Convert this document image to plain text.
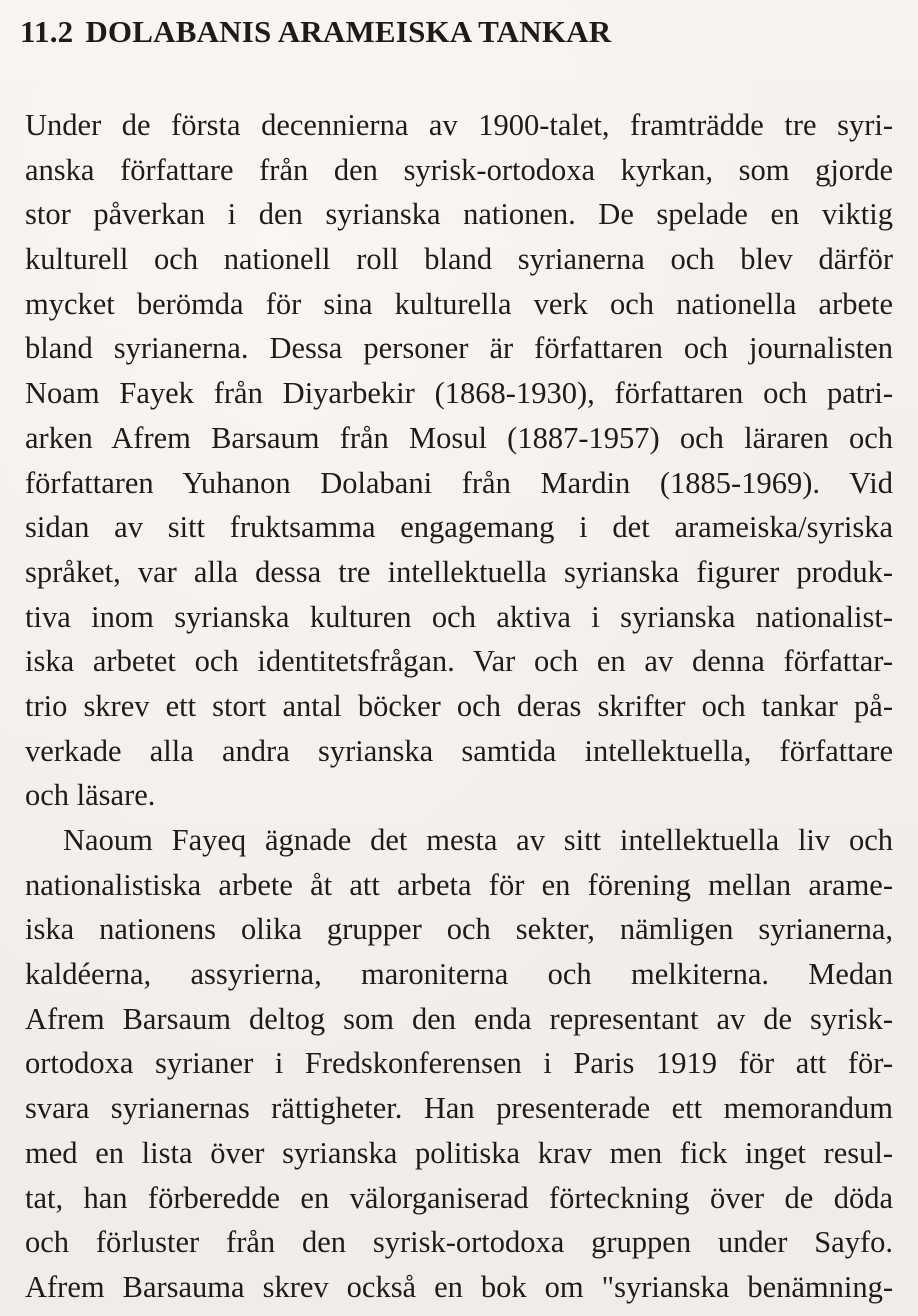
11.2 DOLABANIS ARAMEISKA TANKAR
Under de första decennierna av 1900-talet, framträdde tre syri-
anska författare från den syrisk-ortodoxa kyrkan, som gjorde
stor påverkan i den syrianska nationen. De spelade en viktig
kulturell och nationell roll bland syrianerna och blev därför
mycket berömda för sina kulturella verk och nationella arbete
bland syrianerna. Dessa personer är författaren och journalisten
Noam Fayek från Diyarbekir (1868-1930), författaren och patri-
arken Afrem Barsaum från Mosul (1887-1957) och läraren och
författaren Yuhanon Dolabani från Mardin (1885-1969). Vid
sidan av sitt fruktsamma engagemang i det arameiska/syriska
språket, var alla dessa tre intellektuella syrianska figurer produk-
tiva inom syrianska kulturen och aktiva i syrianska nationalist-
iska arbetet och identitetsfrågan. Var och en av denna författar-
trio skrev ett stort antal böcker och deras skrifter och tankar på-
verkade alla andra syrianska samtida intellektuella, författare
och läsare.
Naoum Fayeq ägnade det mesta av sitt intellektuella liv och
nationalistiska arbete åt att arbeta för en förening mellan arame-
iska nationens olika grupper och sekter, nämligen syrianerna,
kaldéerna, assyrierna, maroniterna och melkiterna. Medan
Afrem Barsaum deltog som den enda representant av de syrisk-
ortodoxa syrianer i Fredskonferensen i Paris 1919 för att för-
svara syrianernas rättigheter. Han presenterade ett memorandum
med en lista över syrianska politiska krav men fick inget resul-
tat, han förberedde en välorganiserad förteckning över de döda
och förluster från den syrisk-ortodoxa gruppen under Sayfo.
Afrem Barsauma skrev också en bok om "syrianska benämning-
